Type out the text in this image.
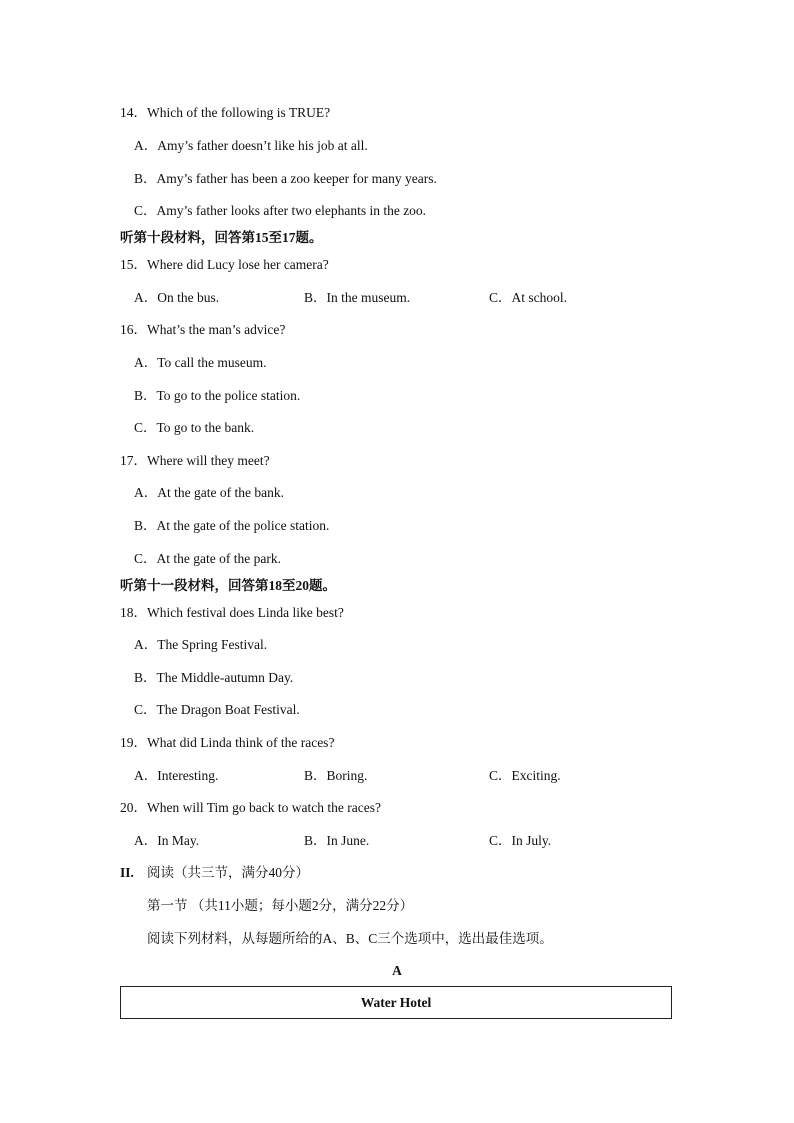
14．Which of the following is TRUE?
A．Amy’s father doesn’t like his job at all.
B．Amy’s father has been a zoo keeper for many years.
C．Amy’s father looks after two elephants in the zoo.
听第十段材料，回答第15至17题。
15．Where did Lucy lose her camera?
A．On the bus.	B．In the museum.	C．At school.
16．What’s the man’s advice?
A．To call the museum.
B．To go to the police station.
C．To go to the bank.
17．Where will they meet?
A．At the gate of the bank.
B．At the gate of the police station.
C．At the gate of the park.
听第十一段材料，回答第18至20题。
18．Which festival does Linda like best?
A．The Spring Festival.
B．The Middle-autumn Day.
C．The Dragon Boat Festival.
19．What did Linda think of the races?
A．Interesting.	B．Boring.	C．Exciting.
20．When will Tim go back to watch the races?
A．In May.	B．In June.	C．In July.
II. 阅读（共三节，满分40分）
第一节 （共11小题；每小题2分，满分22分）
阅读下列材料，从每题所给的A、B、C三个选项中，选出最佳选项。
A
Water Hotel
